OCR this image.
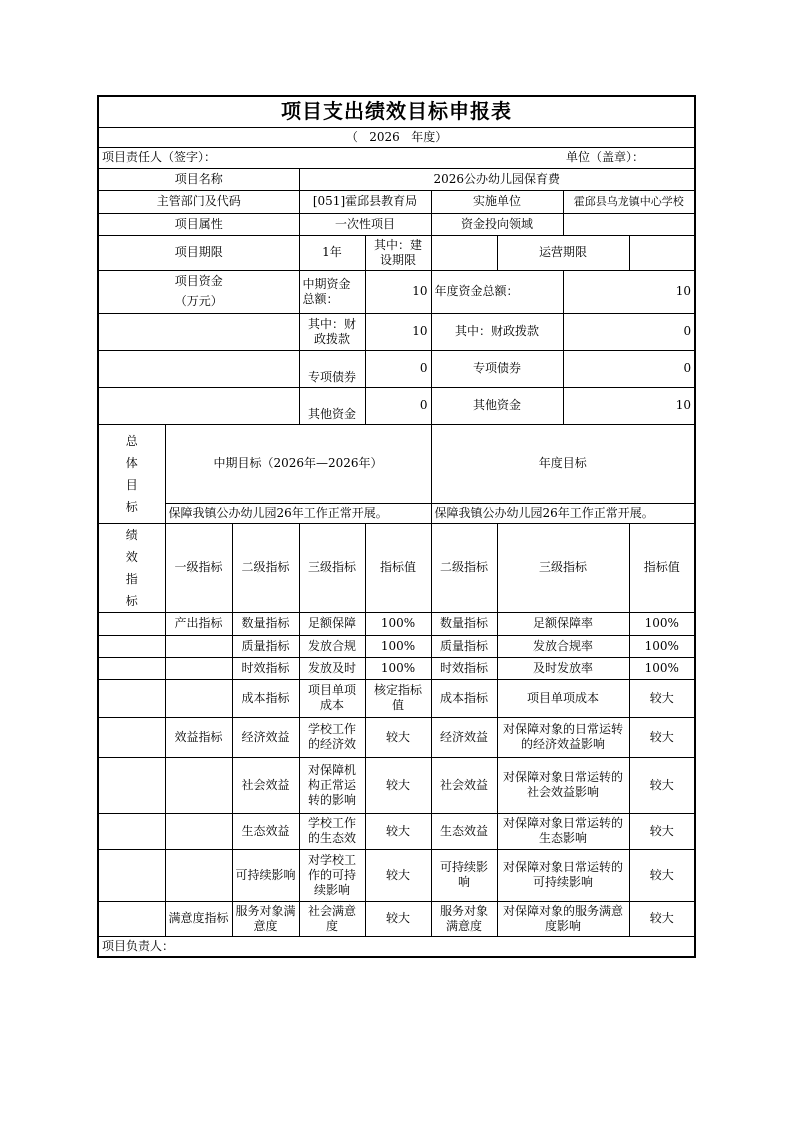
项目支出绩效目标申报表								
（   2026   年度）								
项目责任人（签字）：							单位（盖章）：	
项目名称			2026公办幼儿园保育费					
主管部门及代码			[051]霍邱县教育局		实施单位		霍邱县乌龙镇中心学校	
项目属性			一次性项目		资金投向领域			
项目期限			1年	其中：建设期限		运营期限		

项目资金
（万元）			中期资金总额：	10	年度资金总额：		10	
			其中：财政拨款	10	其中：财政拨款		0	
			专项债券	0	专项债券		0	
			其他资金	0	其他资金		10	

总体目标	中期目标（2026年—2026年）				年度目标			
	保障我镇公办幼儿园26年工作正常开展。				保障我镇公办幼儿园26年工作正常开展。			

绩效指标	一级指标	二级指标	三级指标	指标值	二级指标	三级指标		指标值
	产出指标	数量指标	足额保障	100%	数量指标	足额保障率		100%
		质量指标	发放合规	100%	质量指标	发放合规率		100%
		时效指标	发放及时	100%	时效指标	及时发放率		100%
		成本指标	项目单项成本	核定指标值	成本指标	项目单项成本		较大
	效益指标	经济效益	学校工作的经济效	较大	经济效益	对保障对象的日常运转的经济效益影响		较大
		社会效益	对保障机构正常运转的影响	较大	社会效益	对保障对象日常运转的社会效益影响		较大
		生态效益	学校工作的生态效	较大	生态效益	对保障对象日常运转的生态影响		较大
		可持续影响	对学校工作的可持续影响	较大	可持续影响	对保障对象日常运转的可持续影响		较大
	满意度指标	服务对象满意度	社会满意度	较大	服务对象满意度	对保障对象的服务满意度影响		较大
项目负责人：								
